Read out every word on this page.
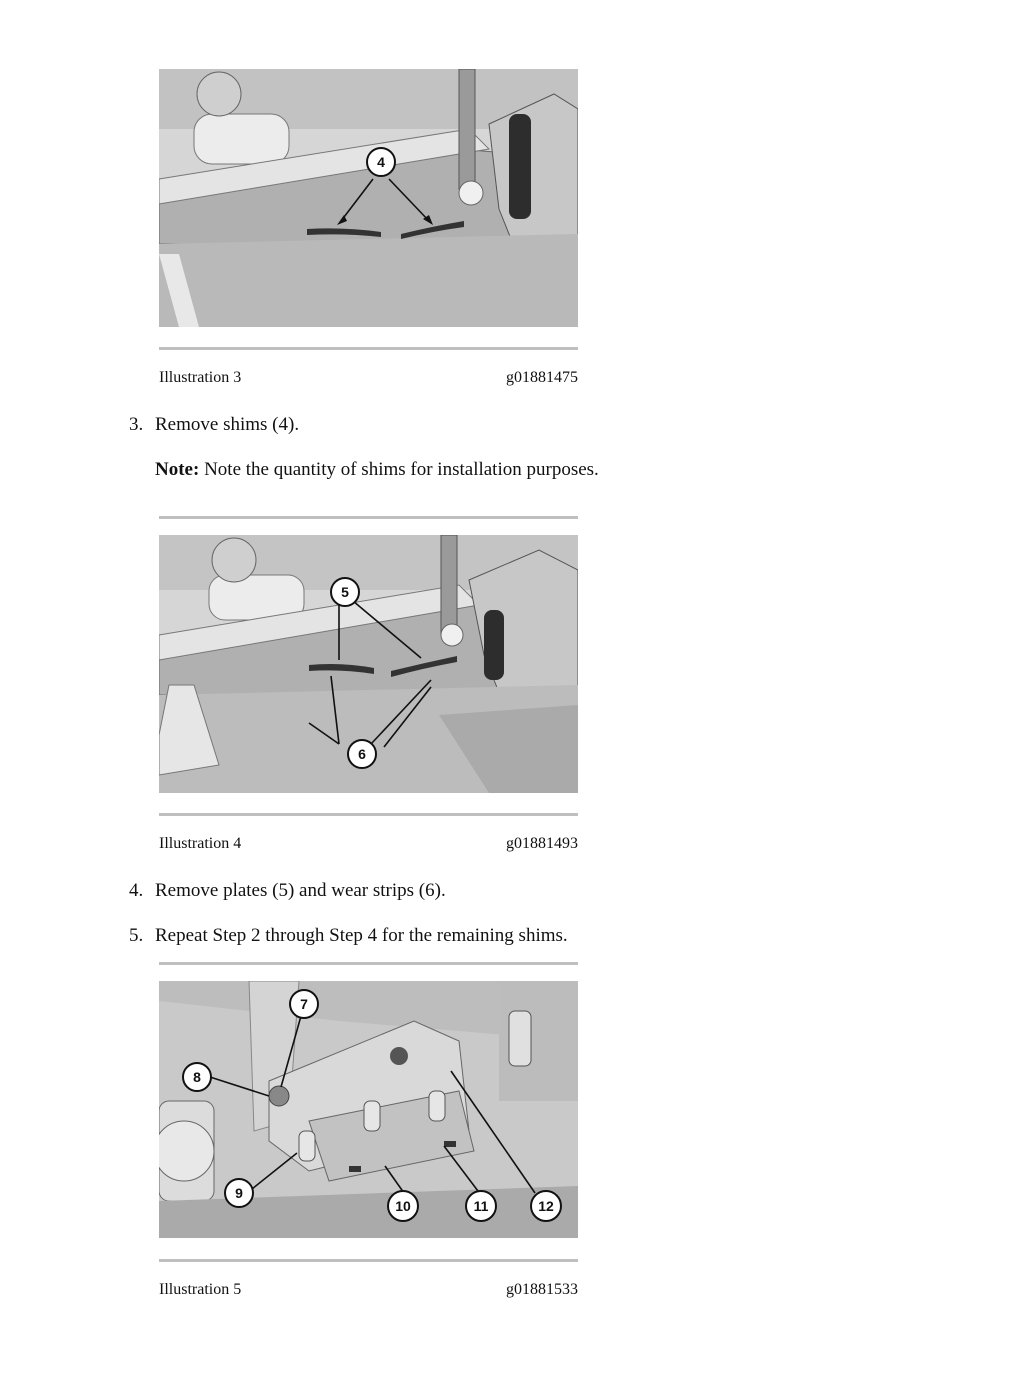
4
Illustration 3	g01881475
3. Remove shims (4).
Note: Note the quantity of shims for installation purposes.
5
6
Illustration 4	g01881493
4. Remove plates (5) and wear strips (6).
5. Repeat Step 2 through Step 4 for the remaining shims.
7
8
9
10	11	12
Illustration 5	g01881533
